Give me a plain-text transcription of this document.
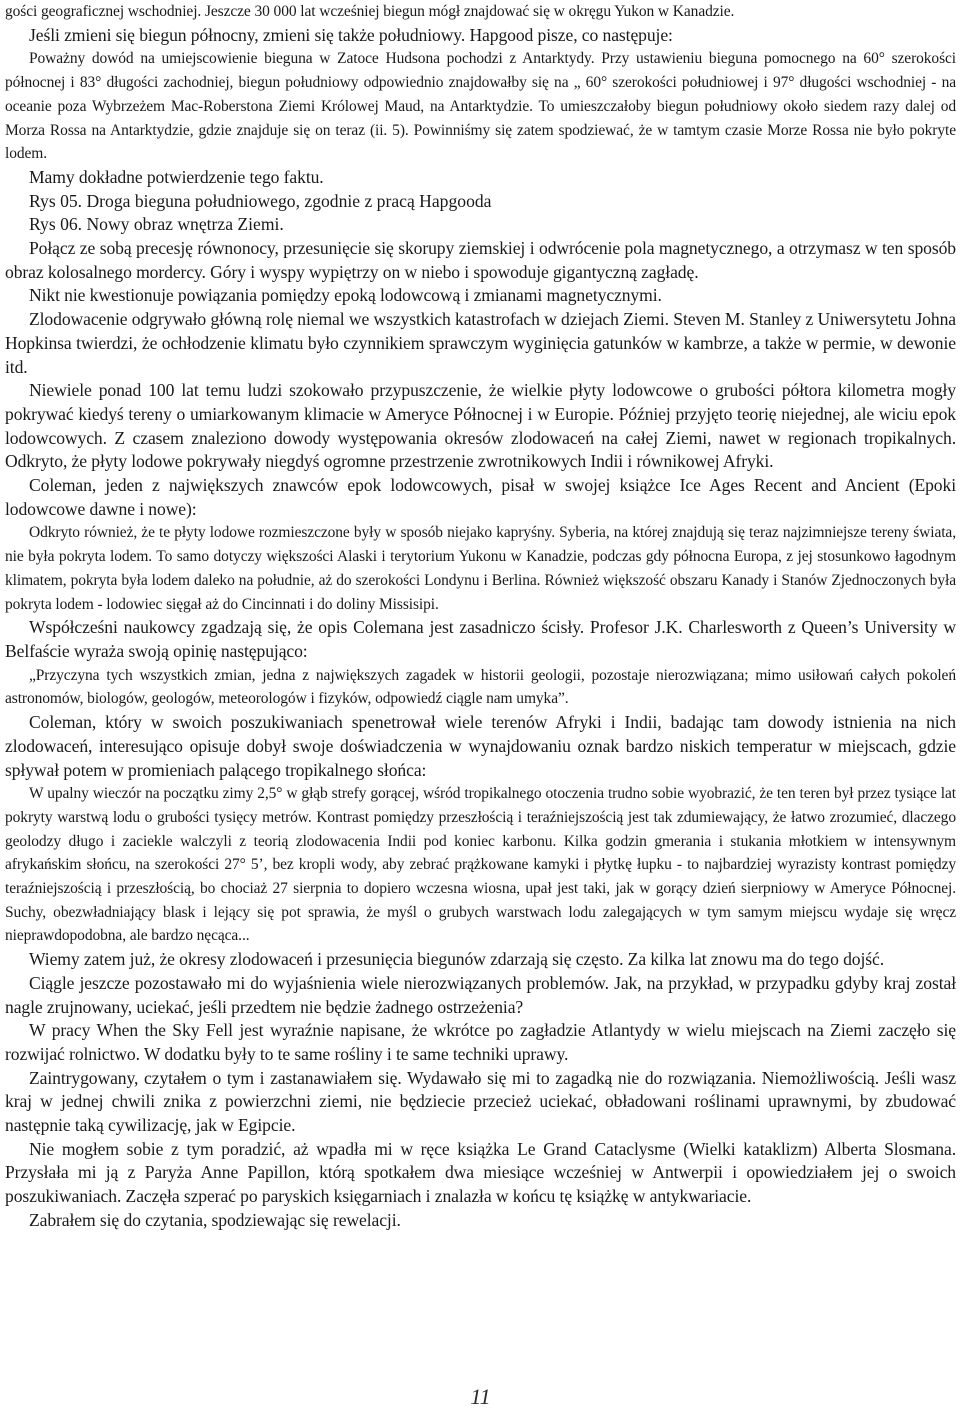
gości geograficznej wschodniej. Jeszcze 30 000 lat wcześniej biegun mógł znajdować się w okręgu Yukon w Kanadzie.

Jeśli zmieni się biegun północny, zmieni się także południowy. Hapgood pisze, co następuje:

Poważny dowód na umiejscowienie bieguna w Zatoce Hudsona pochodzi z Antarktydy. Przy ustawieniu bieguna pomocnego na 60° szerokości północnej i 83° długości zachodniej, biegun południowy odpowiednio znajdowałby się na „ 60° szerokości południowej i 97° długości wschodniej - na oceanie poza Wybrzeżem Mac-Roberstona Ziemi Królowej Maud, na Antarktydzie. To umieszczałoby biegun południowy około siedem razy dalej od Morza Rossa na Antarktydzie, gdzie znajduje się on teraz (ii. 5). Powinniśmy się zatem spodziewać, że w tamtym czasie Morze Rossa nie było pokryte lodem.

Mamy dokładne potwierdzenie tego faktu.

Rys 05. Droga bieguna południowego, zgodnie z pracą Hapgooda

Rys 06. Nowy obraz wnętrza Ziemi.

Połącz ze sobą precesję równonocy, przesunięcie się skorupy ziemskiej i odwrócenie pola magnetycznego, a otrzymasz w ten sposób obraz kolosalnego mordercy. Góry i wyspy wypiętrzy on w niebo i spowoduje gigantyczną zagładę.

Nikt nie kwestionuje powiązania pomiędzy epoką lodowcową i zmianami magnetycznymi.

Zlodowacenie odgrywało główną rolę niemal we wszystkich katastrofach w dziejach Ziemi. Steven M. Stanley z Uniwersytetu Johna Hopkinsa twierdzi, że ochłodzenie klimatu było czynnikiem sprawczym wyginięcia gatunków w kambrze, a także w permie, w dewonie itd.

Niewiele ponad 100 lat temu ludzi szokowało przypuszczenie, że wielkie płyty lodowcowe o grubości półtora kilometra mogły pokrywać kiedyś tereny o umiarkowanym klimacie w Ameryce Północnej i w Europie. Później przyjęto teorię niejednej, ale wiciu epok lodowcowych. Z czasem znaleziono dowody występowania okresów zlodowaceń na całej Ziemi, nawet w regionach tropikalnych. Odkryto, że płyty lodowe pokrywały niegdyś ogromne przestrzenie zwrotnikowych Indii i równikowej Afryki.

Coleman, jeden z największych znawców epok lodowcowych, pisał w swojej książce Ice Ages Recent and Ancient (Epoki lodowcowe dawne i nowe):

Odkryto również, że te płyty lodowe rozmieszczone były w sposób niejako kapryśny. Syberia, na której znajdują się teraz najzimniejsze tereny świata, nie była pokryta lodem. To samo dotyczy większości Alaski i terytorium Yukonu w Kanadzie, podczas gdy północna Europa, z jej stosunkowo łagodnym klimatem, pokryta była lodem daleko na południe, aż do szerokości Londynu i Berlina. Również większość obszaru Kanady i Stanów Zjednoczonych była pokryta lodem - lodowiec sięgał aż do Cincinnati i do doliny Missisipi.

Współcześni naukowcy zgadzają się, że opis Colemana jest zasadniczo ścisły. Profesor J.K. Charlesworth z Queen’s University w Belfaście wyraża swoją opinię następująco:

„Przyczyna tych wszystkich zmian, jedna z największych zagadek w historii geologii, pozostaje nierozwiązana; mimo usiłowań całych pokoleń astronomów, biologów, geologów, meteorologów i fizyków, odpowiedź ciągle nam umyka”.

Coleman, który w swoich poszukiwaniach spenetrował wiele terenów Afryki i Indii, badając tam dowody istnienia na nich zlodowaceń, interesująco opisuje dobył swoje doświadczenia w wynajdowaniu oznak bardzo niskich temperatur w miejscach, gdzie spływał potem w promieniach palącego tropikalnego słońca:

W upalny wieczór na początku zimy 2,5° w głąb strefy gorącej, wśród tropikalnego otoczenia trudno sobie wyobrazić, że ten teren był przez tysiące lat pokryty warstwą lodu o grubości tysięcy metrów. Kontrast pomiędzy przeszłością i teraźniejszością jest tak zdumiewający, że łatwo zrozumieć, dlaczego geolodzy długo i zaciekle walczyli z teorią zlodowacenia Indii pod koniec karbonu. Kilka godzin gmerania i stukania młotkiem w intensywnym afrykańskim słońcu, na szerokości 27° 5’, bez kropli wody, aby zebrać prążkowane kamyki i płytkę łupku - to najbardziej wyrazisty kontrast pomiędzy teraźniejszością i przeszłością, bo chociaż 27 sierpnia to dopiero wczesna wiosna, upał jest taki, jak w gorący dzień sierpniowy w Ameryce Północnej. Suchy, obezwładniający blask i lejący się pot sprawia, że myśl o grubych warstwach lodu zalegających w tym samym miejscu wydaje się wręcz nieprawdopodobna, ale bardzo nęcąca...

Wiemy zatem już, że okresy zlodowaceń i przesunięcia biegunów zdarzają się często. Za kilka lat znowu ma do tego dojść.

Ciągle jeszcze pozostawało mi do wyjaśnienia wiele nierozwiązanych problemów. Jak, na przykład, w przypadku gdyby kraj został nagle zrujnowany, uciekać, jeśli przedtem nie będzie żadnego ostrzeżenia?

W pracy When the Sky Fell jest wyraźnie napisane, że wkrótce po zagładzie Atlantydy w wielu miejscach na Ziemi zaczęło się rozwijać rolnictwo. W dodatku były to te same rośliny i te same techniki uprawy.

Zaintrygowany, czytałem o tym i zastanawiałem się. Wydawało się mi to zagadką nie do rozwiązania. Niemożliwością. Jeśli wasz kraj w jednej chwili znika z powierzchni ziemi, nie będziecie przecież uciekać, obładowani roślinami uprawnymi, by zbudować następnie taką cywilizację, jak w Egipcie.

Nie mogłem sobie z tym poradzić, aż wpadła mi w ręce książka Le Grand Cataclysme (Wielki kataklizm) Alberta Slosmana. Przysłała mi ją z Paryża Anne Papillon, którą spotkałem dwa miesiące wcześniej w Antwerpii i opowiedziałem jej o swoich poszukiwaniach. Zaczęła szperać po paryskich księgarniach i znalazła w końcu tę książkę w antykwariacie.

Zabrałem się do czytania, spodziewając się rewelacji.

11
